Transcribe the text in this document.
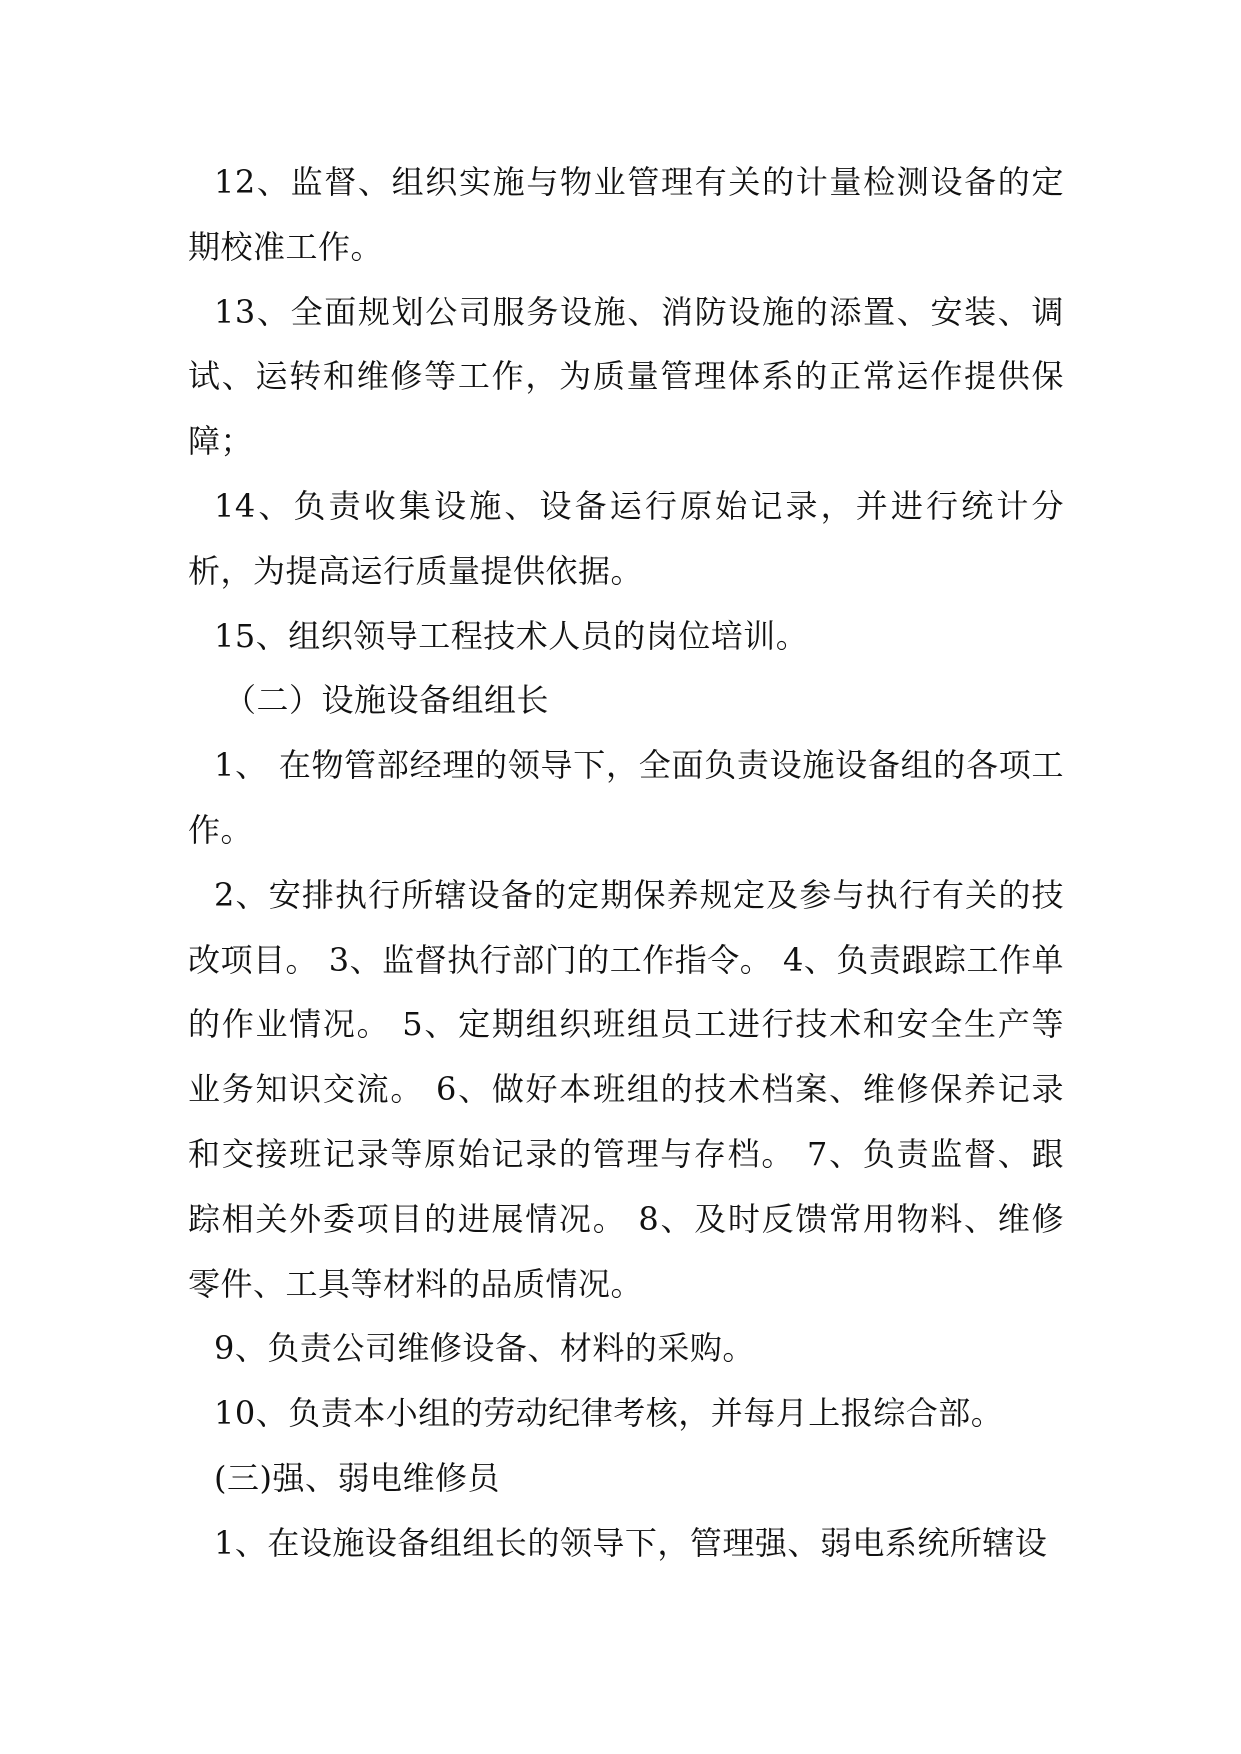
12、监督、组织实施与物业管理有关的计量检测设备的定期校准工作。

13、全面规划公司服务设施、消防设施的添置、安装、调试、运转和维修等工作，为质量管理体系的正常运作提供保障；

14、负责收集设施、设备运行原始记录，并进行统计分析，为提高运行质量提供依据。

15、组织领导工程技术人员的岗位培训。

（二）设施设备组组长

1、 在物管部经理的领导下，全面负责设施设备组的各项工作。

2、安排执行所辖设备的定期保养规定及参与执行有关的技改项目。 3、监督执行部门的工作指令。 4、负责跟踪工作单的作业情况。 5、定期组织班组员工进行技术和安全生产等业务知识交流。 6、做好本班组的技术档案、维修保养记录和交接班记录等原始记录的管理与存档。 7、负责监督、跟踪相关外委项目的进展情况。 8、及时反馈常用物料、维修零件、工具等材料的品质情况。

9、负责公司维修设备、材料的采购。

10、负责本小组的劳动纪律考核，并每月上报综合部。

(三)强、弱电维修员

1、在设施设备组组长的领导下，管理强、弱电系统所辖设
